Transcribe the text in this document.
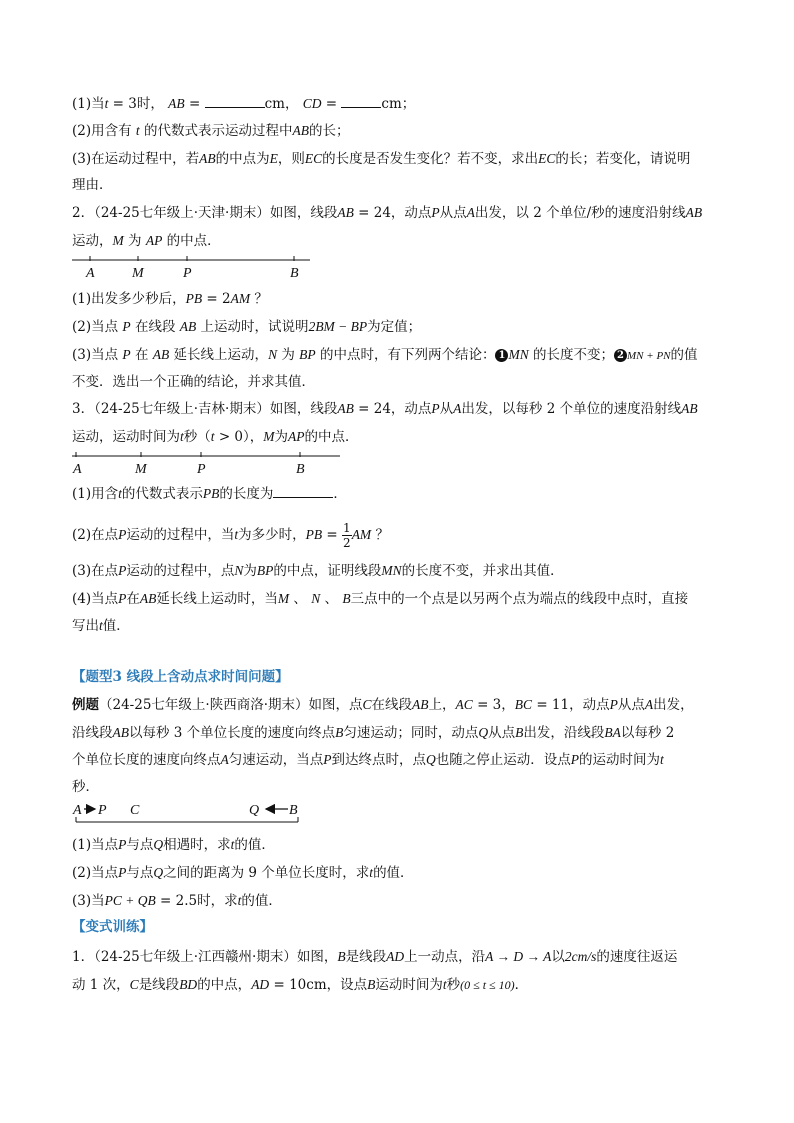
(1)当t = 3时， AB =	cm， CD =	cm；
(2)用含有 t 的代数式表示运动过程中AB的长；
(3)在运动过程中，若AB的中点为E，则EC的长度是否发生变化？若不变，求出EC的长；若变化，请说明
理由．
2．（24-25七年级上·天津·期末）如图，线段AB = 24，动点P从点A出发，以 2 个单位/秒的速度沿射线AB
运动，M 为 AP 的中点．
A	M	P	B
(1)出发多少秒后，PB = 2AM ？
(2)当点 P 在线段 AB 上运动时，试说明2BM − BP为定值；
(3)当点 P 在 AB 延长线上运动，N 为 BP 的中点时，有下列两个结论： 1 MN 的长度不变； 2 MN + PN的值
不变．选出一个正确的结论，并求其值．
3．（24-25七年级上·吉林·期末）如图，线段AB = 24，动点P从A出发，以每秒 2 个单位的速度沿射线AB
运动，运动时间为t秒（t > 0），M为AP的中点．
A	M	P	B
(1)用含t的代数式表示PB的长度为	．
(2)在点P运动的过程中，当t为多少时，PB = $\frac{1}{2}$ AM ？
(3)在点P运动的过程中，点N为BP的中点，证明线段MN的长度不变，并求出其值．
(4)当点P在AB延长线上运动时，当M 、 N 、 B三点中的一个点是以另两个点为端点的线段中点时，直接
写出t值．
【题型3 线段上含动点求时间问题】
例题（24-25七年级上·陕西商洛·期末）如图，点C在线段AB上，AC = 3，BC = 11，动点P从点A出发，
沿线段AB以每秒 3 个单位长度的速度向终点B匀速运动；同时，动点Q从点B出发，沿线段BA以每秒 2
个单位长度的速度向终点A匀速运动，当点P到达终点时，点Q也随之停止运动．设点P的运动时间为t
秒．
A P C	Q B
(1)当点P与点Q相遇时，求t的值．
(2)当点P与点Q之间的距离为 9 个单位长度时，求t的值．
(3)当PC + QB = 2.5时，求t的值．
【变式训练】
1．（24-25七年级上·江西赣州·期末）如图，B是线段AD上一动点，沿A → D → A以2cm/s的速度往返运
动 1 次，C是线段BD的中点，AD = 10cm，设点B运动时间为t秒(0 ≤ t ≤ 10)．
